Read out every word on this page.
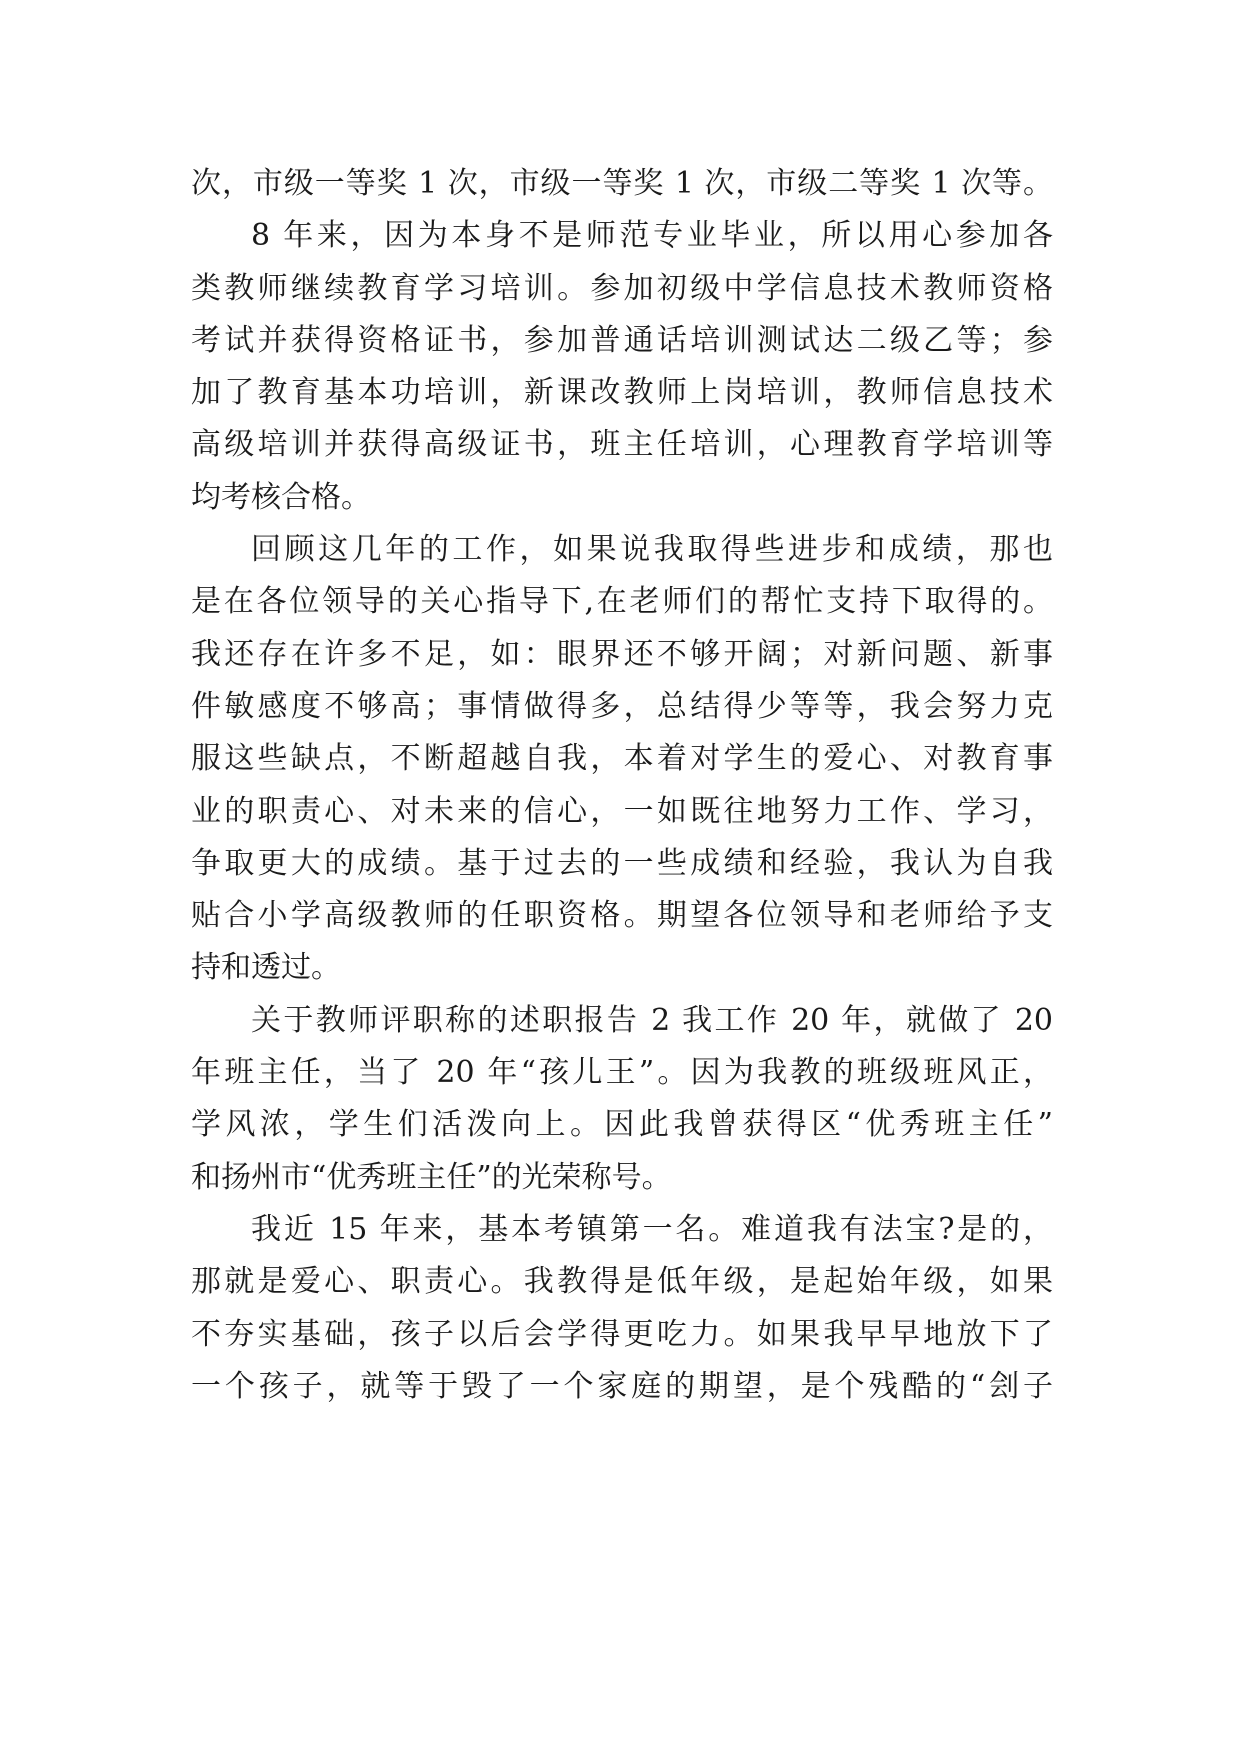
次，市级一等奖 1 次，市级一等奖 1 次，市级二等奖 1 次等。
8 年来，因为本身不是师范专业毕业，所以用心参加各
类教师继续教育学习培训。参加初级中学信息技术教师资格
考试并获得资格证书，参加普通话培训测试达二级乙等；参
加了教育基本功培训，新课改教师上岗培训，教师信息技术
高级培训并获得高级证书，班主任培训，心理教育学培训等
均考核合格。
回顾这几年的工作，如果说我取得些进步和成绩，那也
是在各位领导的关心指导下,在老师们的帮忙支持下取得的。
我还存在许多不足，如：眼界还不够开阔；对新问题、新事
件敏感度不够高；事情做得多，总结得少等等，我会努力克
服这些缺点，不断超越自我，本着对学生的爱心、对教育事
业的职责心、对未来的信心，一如既往地努力工作、学习，
争取更大的成绩。基于过去的一些成绩和经验，我认为自我
贴合小学高级教师的任职资格。期望各位领导和老师给予支
持和透过。
关于教师评职称的述职报告 2 我工作 20 年，就做了 20
年班主任，当了 20 年“孩儿王”。因为我教的班级班风正，
学风浓，学生们活泼向上。因此我曾获得区“优秀班主任”
和扬州市“优秀班主任”的光荣称号。
我近 15 年来，基本考镇第一名。难道我有法宝?是的，
那就是爱心、职责心。我教得是低年级，是起始年级，如果
不夯实基础，孩子以后会学得更吃力。如果我早早地放下了
一个孩子，就等于毁了一个家庭的期望，是个残酷的“刽子
